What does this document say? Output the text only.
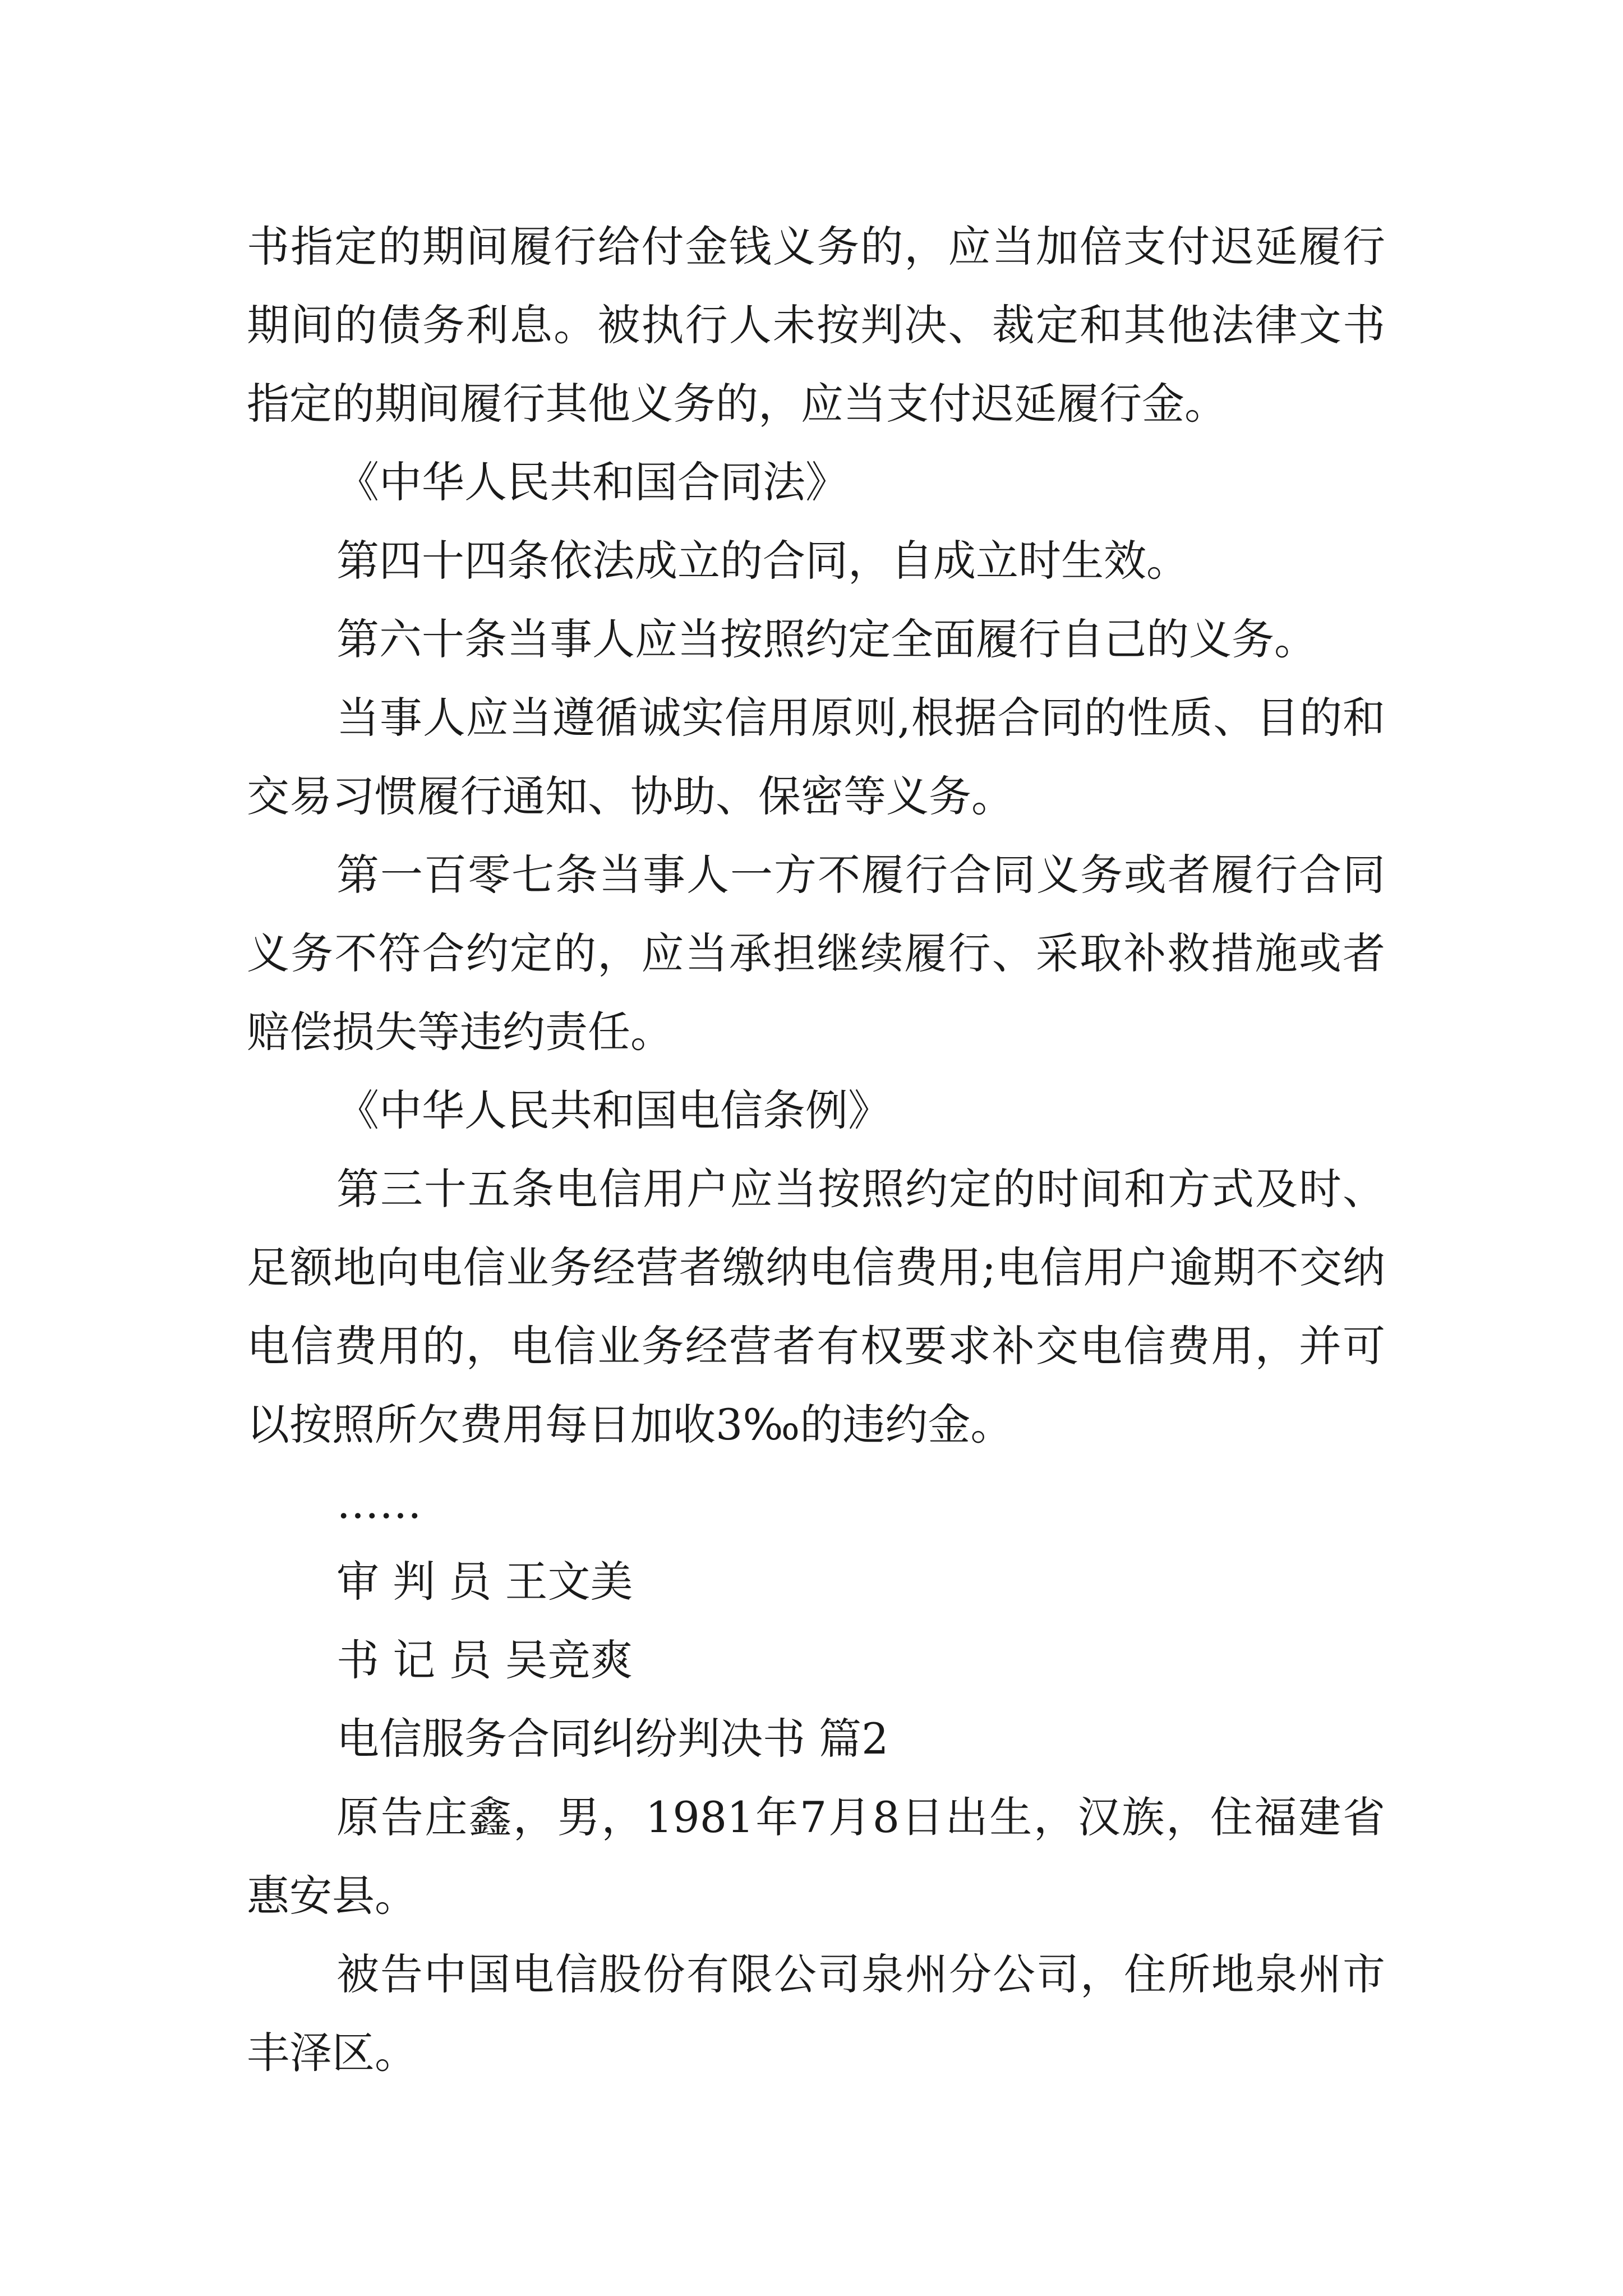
书指定的期间履行给付金钱义务的，应当加倍支付迟延履行期间的债务利息。被执行人未按判决、裁定和其他法律文书指定的期间履行其他义务的，应当支付迟延履行金。

《中华人民共和国合同法》

第四十四条依法成立的合同，自成立时生效。

第六十条当事人应当按照约定全面履行自己的义务。

当事人应当遵循诚实信用原则,根据合同的性质、目的和交易习惯履行通知、协助、保密等义务。

第一百零七条当事人一方不履行合同义务或者履行合同义务不符合约定的，应当承担继续履行、采取补救措施或者赔偿损失等违约责任。

《中华人民共和国电信条例》

第三十五条电信用户应当按照约定的时间和方式及时、足额地向电信业务经营者缴纳电信费用;电信用户逾期不交纳电信费用的，电信业务经营者有权要求补交电信费用，并可以按照所欠费用每日加收3‰的违约金。

……

审 判 员 王文美

书 记 员 吴竞爽

电信服务合同纠纷判决书 篇2

原告庄鑫，男，1981年7月8日出生，汉族，住福建省惠安县。

被告中国电信股份有限公司泉州分公司，住所地泉州市丰泽区。
